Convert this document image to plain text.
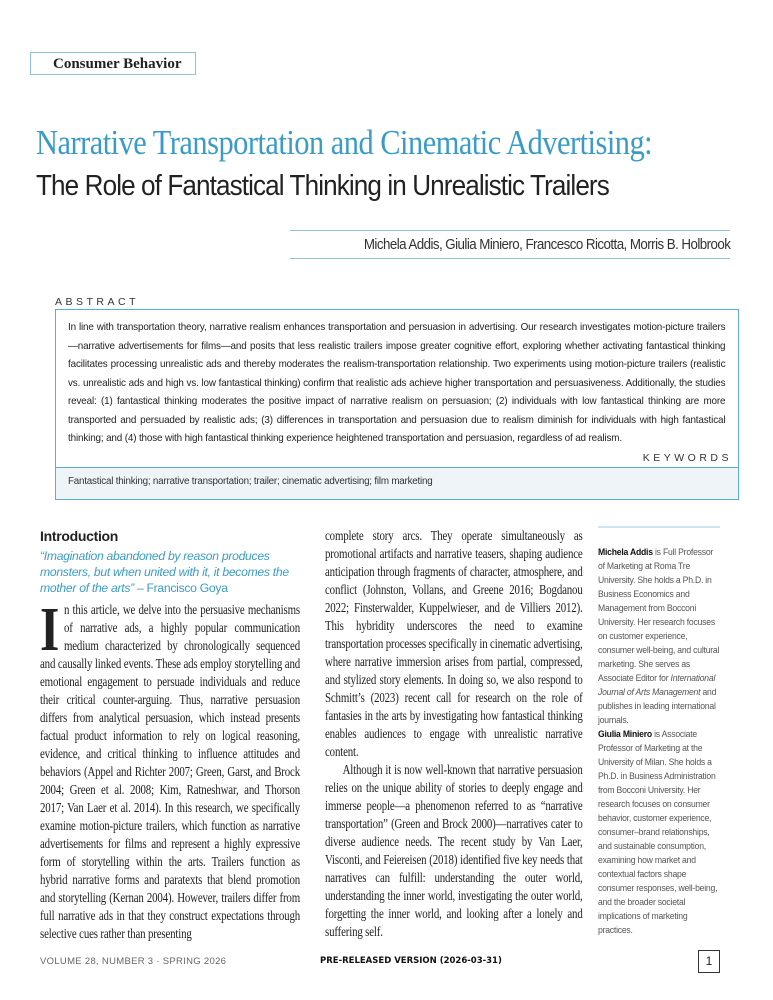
Consumer Behavior
Narrative Transportation and Cinematic Advertising:
The Role of Fantastical Thinking in Unrealistic Trailers
Michela Addis, Giulia Miniero, Francesco Ricotta, Morris B. Holbrook
ABSTRACT
In line with transportation theory, narrative realism enhances transportation and persuasion in advertising. Our research investigates motion-picture trailers—narrative advertisements for films—and posits that less realistic trailers impose greater cognitive effort, exploring whether activating fantastical thinking facilitates processing unrealistic ads and thereby moderates the realism-transportation relationship. Two experiments using motion-picture trailers (realistic vs. unrealistic ads and high vs. low fantastical thinking) confirm that realistic ads achieve higher transportation and persuasiveness. Additionally, the studies reveal: (1) fantastical thinking moderates the positive impact of narrative realism on persuasion; (2) individuals with low fantastical thinking are more transported and persuaded by realistic ads; (3) differences in transportation and persuasion due to realism diminish for individuals with high fantastical thinking; and (4) those with high fantastical thinking experience heightened transportation and persuasion, regardless of ad realism.
KEYWORDS
Fantastical thinking; narrative transportation; trailer; cinematic advertising; film marketing
Introduction
“Imagination abandoned by reason produces monsters, but when united with it, it becomes the mother of the arts” – Francisco Goya

In this article, we delve into the persuasive mechanisms of narrative ads, a highly popular communication medium characterized by chronologically sequenced and causally linked events. These ads employ storytelling and emotional engagement to persuade individuals and reduce their critical counter-arguing. Thus, narrative persuasion differs from analytical persuasion, which instead presents factual product information to rely on logical reasoning, evidence, and critical thinking to influence attitudes and behaviors (Appel and Richter 2007; Green, Garst, and Brock 2004; Green et al. 2008; Kim, Ratneshwar, and Thorson 2017; Van Laer et al. 2014). In this research, we specifically examine motion-picture trailers, which function as narrative advertisements for films and represent a highly expressive form of storytelling within the arts. Trailers function as hybrid narrative forms and paratexts that blend promotion and storytelling (Kernan 2004). However, trailers differ from full narrative ads in that they construct expectations through selective cues rather than presenting

complete story arcs. They operate simultaneously as promotional artifacts and narrative teasers, shaping audience anticipation through fragments of character, atmosphere, and conflict (Johnston, Vollans, and Greene 2016; Bogdanou 2022; Finsterwalder, Kuppelwieser, and de Villiers 2012). This hybridity underscores the need to examine transportation processes specifically in cinematic advertising, where narrative immersion arises from partial, compressed, and stylized story elements. In doing so, we also respond to Schmitt’s (2023) recent call for research on the role of fantasies in the arts by investigating how fantastical thinking enables audiences to engage with unrealistic narrative content.

Although it is now well-known that narrative persuasion relies on the unique ability of stories to deeply engage and immerse people—a phenomenon referred to as “narrative transportation” (Green and Brock 2000)—narratives cater to diverse audience needs. The recent study by Van Laer, Visconti, and Feiereisen (2018) identified five key needs that narratives can fulfill: understanding the outer world, understanding the inner world, investigating the outer world, forgetting the inner world, and looking after a lonely and suffering self.

Michela Addis is Full Professor of Marketing at Roma Tre University. She holds a Ph.D. in Business Economics and Management from Bocconi University. Her research focuses on customer experience, consumer well-being, and cultural marketing. She serves as Associate Editor for International Journal of Arts Management and publishes in leading international journals.

Giulia Miniero is Associate Professor of Marketing at the University of Milan. She holds a Ph.D. in Business Administration from Bocconi University. Her research focuses on consumer behavior, customer experience, consumer–brand relationships, and sustainable consumption, examining how market and contextual factors shape consumer responses, well-being, and the broader societal implications of marketing practices.

VOLUME 28, NUMBER 3 · SPRING 2026	PRE-RELEASED VERSION (2026-03-31)	1
